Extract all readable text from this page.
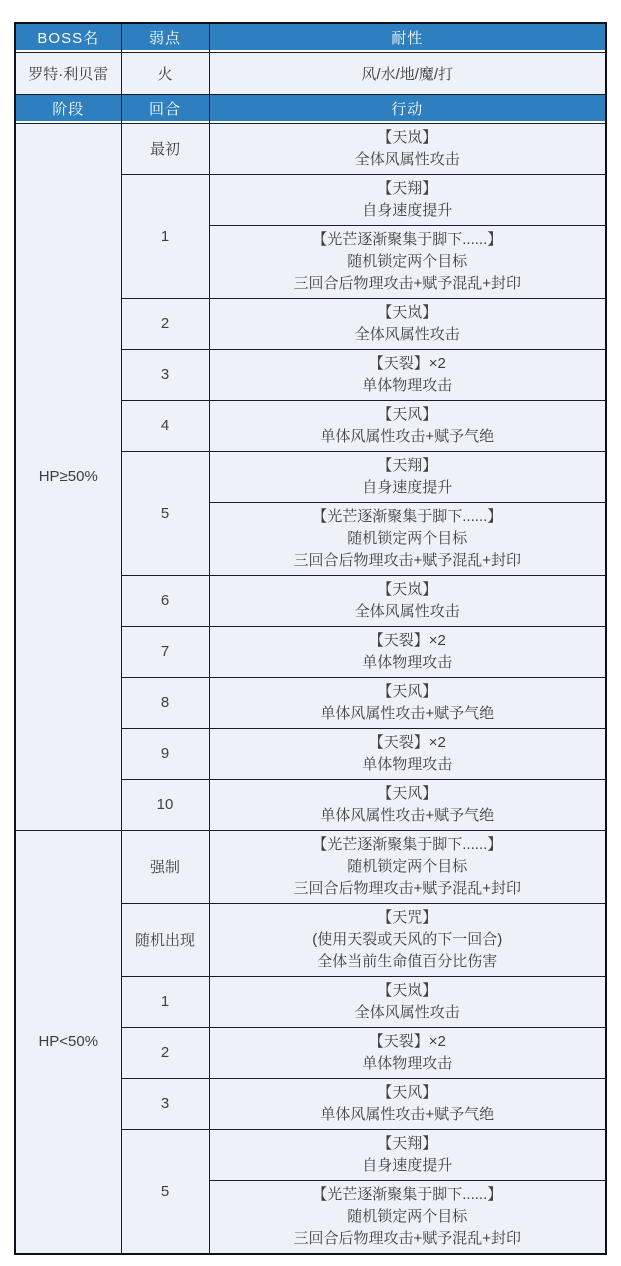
BOSS名	弱点	耐性
罗特·利贝雷	火	风/水/地/魔/打
阶段	回合	行动
HP≥50%	最初	【天岚】
全体风属性攻击

	1	【天翔】
自身速度提升

		【光芒逐渐聚集于脚下......】
随机锁定两个目标
三回合后物理攻击+赋予混乱+封印

	2	【天岚】
全体风属性攻击

	3	【天裂】×2
单体物理攻击

	4	【天风】
单体风属性攻击+赋予气绝

	5	【天翔】
自身速度提升

		【光芒逐渐聚集于脚下......】
随机锁定两个目标
三回合后物理攻击+赋予混乱+封印

	6	【天岚】
全体风属性攻击

	7	【天裂】×2
单体物理攻击

	8	【天风】
单体风属性攻击+赋予气绝

	9	【天裂】×2
单体物理攻击

	10	【天风】
单体风属性攻击+赋予气绝

HP<50%	强制	【光芒逐渐聚集于脚下......】
随机锁定两个目标
三回合后物理攻击+赋予混乱+封印

	随机出现	【天咒】
(使用天裂或天风的下一回合)
全体当前生命值百分比伤害

	1	【天岚】
全体风属性攻击

	2	【天裂】×2
单体物理攻击

	3	【天风】
单体风属性攻击+赋予气绝

	5	【天翔】
自身速度提升

		【光芒逐渐聚集于脚下......】
随机锁定两个目标
三回合后物理攻击+赋予混乱+封印
